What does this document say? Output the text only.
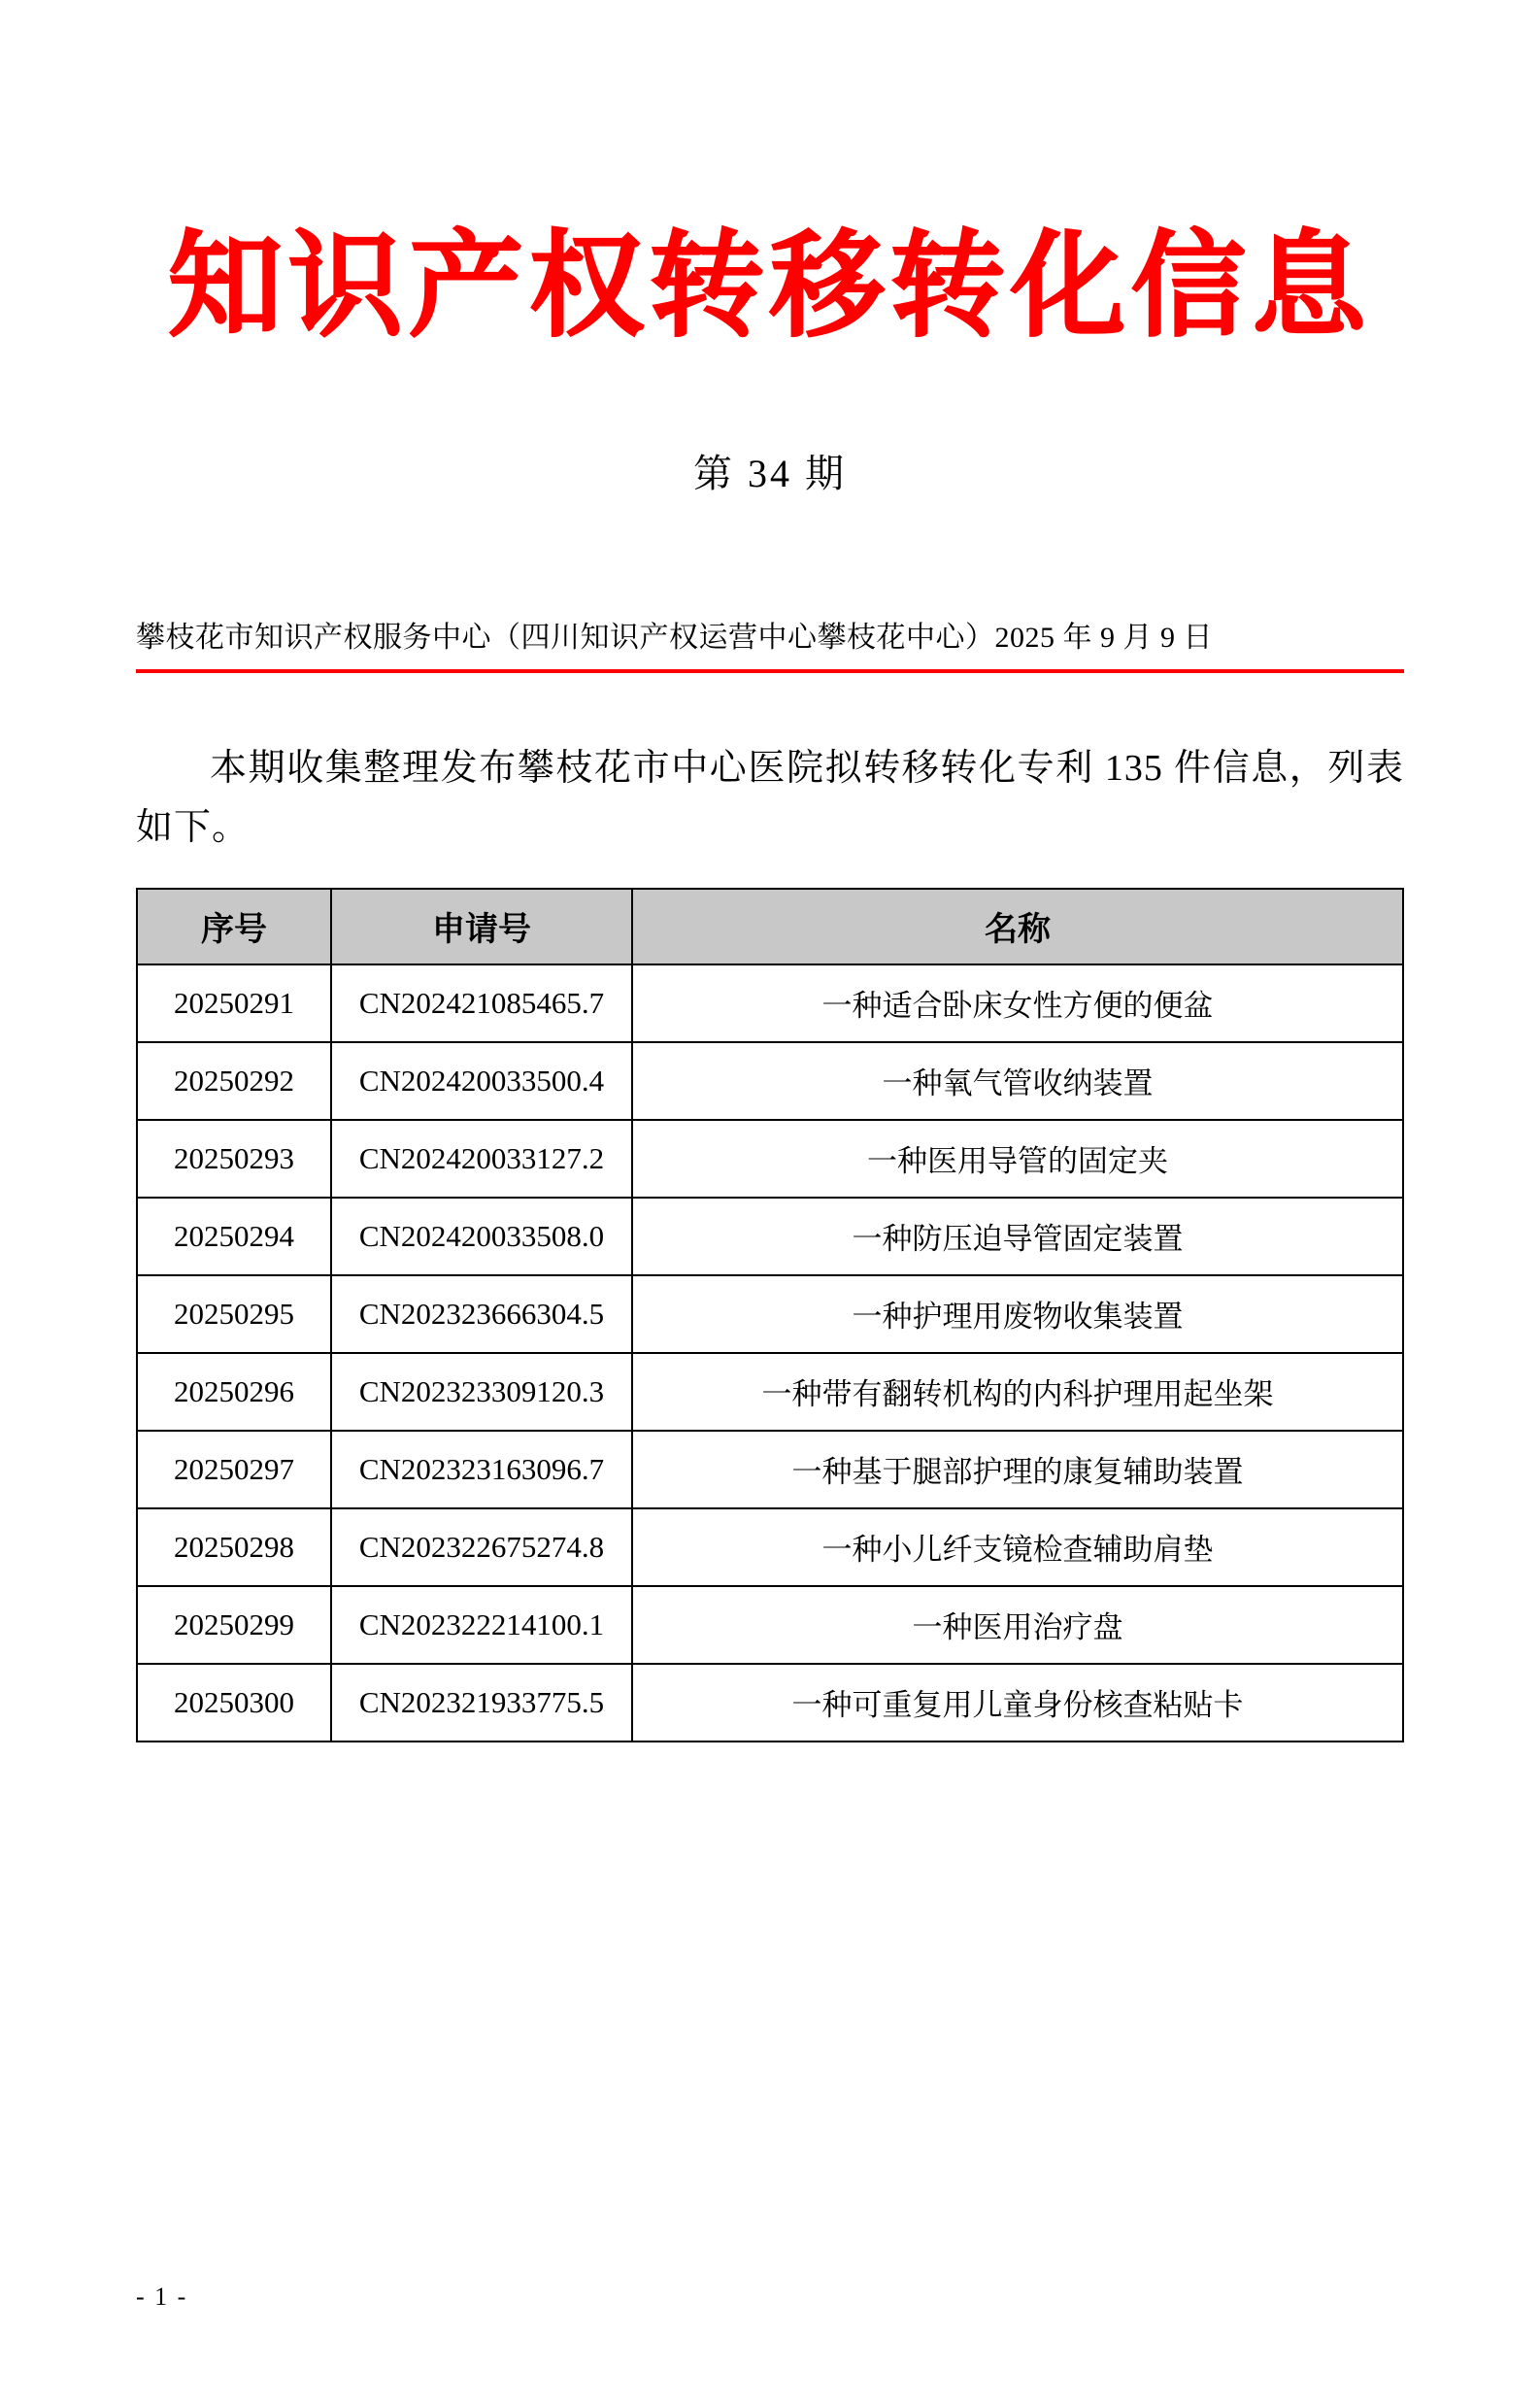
知识产权转移转化信息
第 34 期
攀枝花市知识产权服务中心（四川知识产权运营中心攀枝花中心）2025 年 9 月 9 日
本期收集整理发布攀枝花市中心医院拟转移转化专利 135 件信息，列表如下。
序号	申请号	名称
20250291	CN202421085465.7	一种适合卧床女性方便的便盆
20250292	CN202420033500.4	一种氧气管收纳装置
20250293	CN202420033127.2	一种医用导管的固定夹
20250294	CN202420033508.0	一种防压迫导管固定装置
20250295	CN202323666304.5	一种护理用废物收集装置
20250296	CN202323309120.3	一种带有翻转机构的内科护理用起坐架
20250297	CN202323163096.7	一种基于腿部护理的康复辅助装置
20250298	CN202322675274.8	一种小儿纤支镜检查辅助肩垫
20250299	CN202322214100.1	一种医用治疗盘
20250300	CN202321933775.5	一种可重复用儿童身份核查粘贴卡
- 1 -
